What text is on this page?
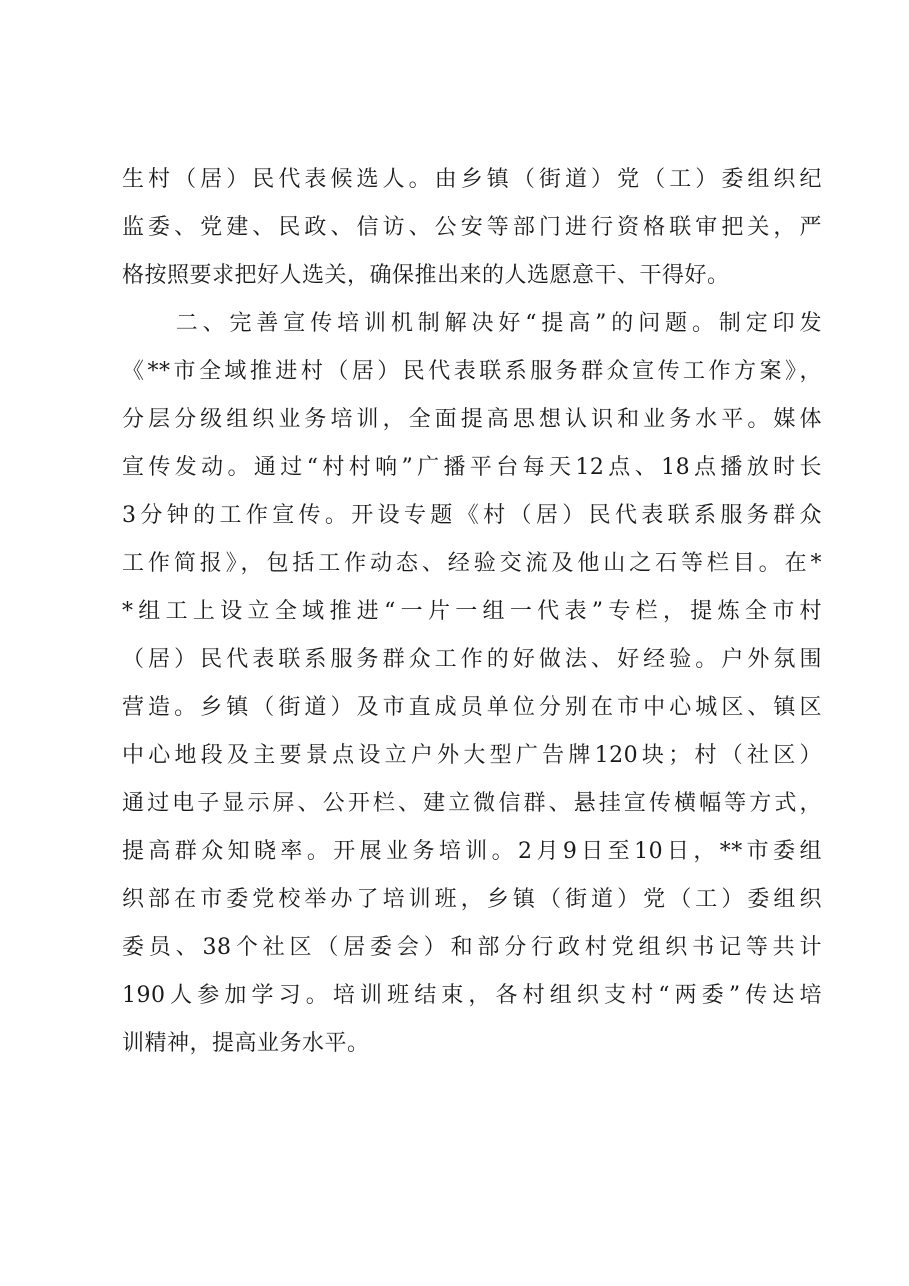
生村（居）民代表候选人。由乡镇（街道）党（工）委组织纪
监委、党建、民政、信访、公安等部门进行资格联审把关，严
格按照要求把好人选关，确保推出来的人选愿意干、干得好。
　　二、完善宣传培训机制解决好“提高”的问题。制定印发
《**市全域推进村（居）民代表联系服务群众宣传工作方案》，
分层分级组织业务培训，全面提高思想认识和业务水平。媒体
宣传发动。通过“村村响”广播平台每天12点、18点播放时长
3分钟的工作宣传。开设专题《村（居）民代表联系服务群众
工作简报》，包括工作动态、经验交流及他山之石等栏目。在*
*组工上设立全域推进“一片一组一代表”专栏，提炼全市村
（居）民代表联系服务群众工作的好做法、好经验。户外氛围
营造。乡镇（街道）及市直成员单位分别在市中心城区、镇区
中心地段及主要景点设立户外大型广告牌120块；村（社区）
通过电子显示屏、公开栏、建立微信群、悬挂宣传横幅等方式，
提高群众知晓率。开展业务培训。2月9日至10日，**市委组
织部在市委党校举办了培训班，乡镇（街道）党（工）委组织
委员、38个社区（居委会）和部分行政村党组织书记等共计
190人参加学习。培训班结束，各村组织支村“两委”传达培
训精神，提高业务水平。
